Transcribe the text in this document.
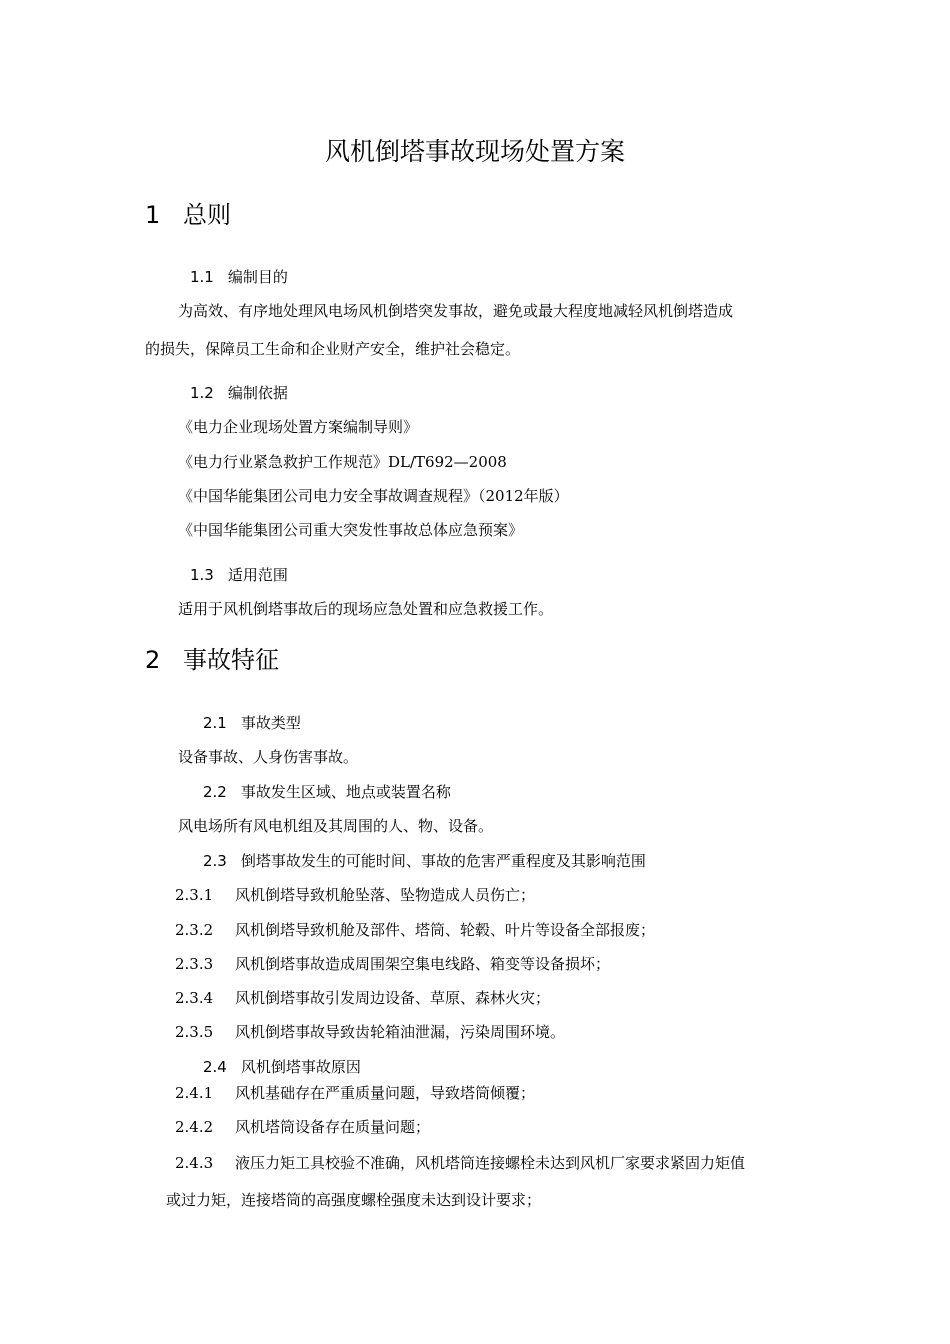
风机倒塔事故现场处置方案
1 总则
1.1 编制目的
为高效、有序地处理风电场风机倒塔突发事故，避免或最大程度地减轻风机倒塔造成
的损失，保障员工生命和企业财产安全，维护社会稳定。
1.2 编制依据
《电力企业现场处置方案编制导则》
《电力行业紧急救护工作规范》DL/T692—2008
《中国华能集团公司电力安全事故调查规程》（2012年版）
《中国华能集团公司重大突发性事故总体应急预案》
1.3 适用范围
适用于风机倒塔事故后的现场应急处置和应急救援工作。
2 事故特征
2.1 事故类型
设备事故、人身伤害事故。
2.2 事故发生区域、地点或装置名称
风电场所有风电机组及其周围的人、物、设备。
2.3 倒塔事故发生的可能时间、事故的危害严重程度及其影响范围
2.3.1 风机倒塔导致机舱坠落、坠物造成人员伤亡；
2.3.2 风机倒塔导致机舱及部件、塔筒、轮毂、叶片等设备全部报废；
2.3.3 风机倒塔事故造成周围架空集电线路、箱变等设备损坏；
2.3.4 风机倒塔事故引发周边设备、草原、森林火灾；
2.3.5 风机倒塔事故导致齿轮箱油泄漏，污染周围环境。
2.4 风机倒塔事故原因
2.4.1 风机基础存在严重质量问题，导致塔筒倾覆；
2.4.2 风机塔筒设备存在质量问题；
2.4.3 液压力矩工具校验不准确，风机塔筒连接螺栓未达到风机厂家要求紧固力矩值
或过力矩，连接塔筒的高强度螺栓强度未达到设计要求；
